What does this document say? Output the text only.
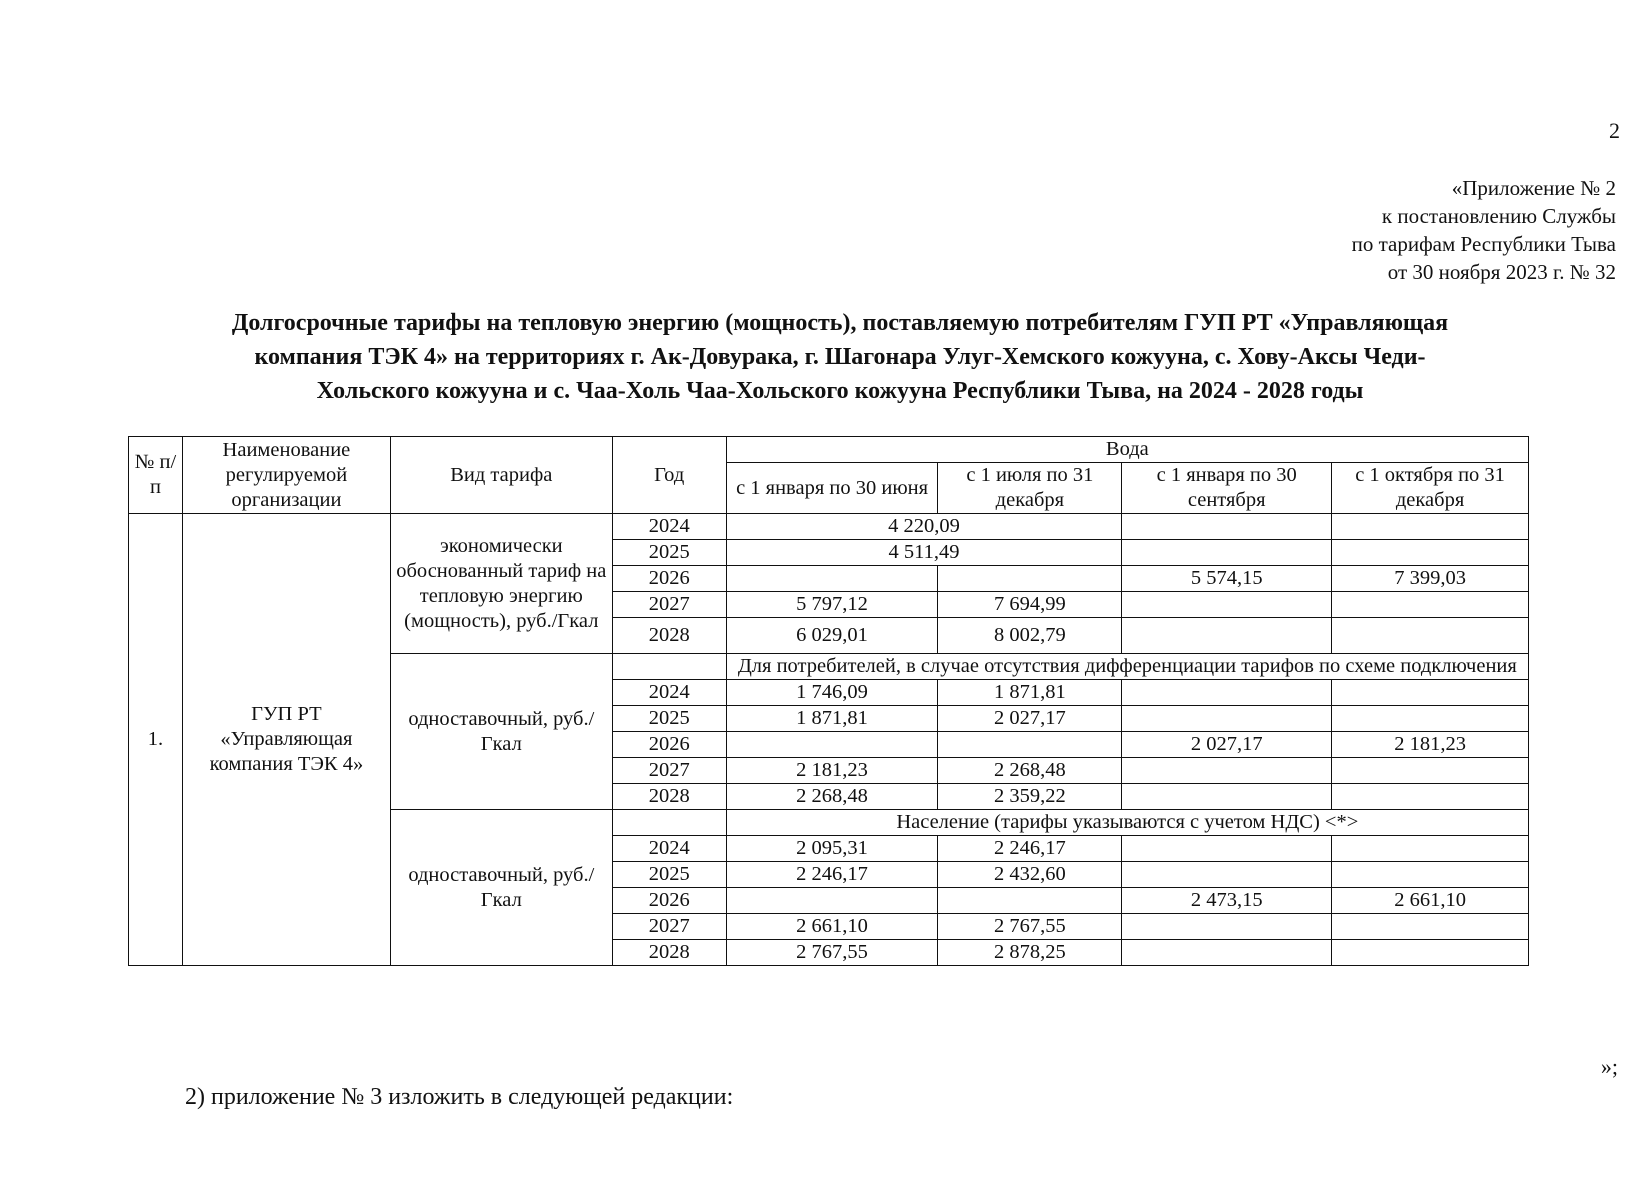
2
«Приложение № 2
к постановлению Службы
по тарифам Республики Тыва
от 30 ноября 2023 г. № 32
Долгосрочные тарифы на тепловую энергию (мощность), поставляемую потребителям ГУП РТ «Управляющая
компания ТЭК 4» на территориях г. Ак-Довурака, г. Шагонара Улуг-Хемского кожууна, с. Хову-Аксы Чеди-
Хольского кожууна и с. Чаа-Холь Чаа-Хольского кожууна Республики Тыва, на 2024 - 2028 годы
№ п/п	Наименование регулируемой организации	Вид тарифа	Год	Вода			
				с 1 января по 30 июня	с 1 июля по 31 декабря	с 1 января по 30 сентября	с 1 октября по 31 декабря
1.	ГУП РТ «Управляющая компания ТЭК 4»	экономически обоснованный тариф на тепловую энергию (мощность), руб./Гкал	2024	4 220,09			
			2025	4 511,49			
			2026			5 574,15	7 399,03
			2027	5 797,12	7 694,99		
			2028	6 029,01	8 002,79		
		одноставочный, руб./Гкал		Для потребителей, в случае отсутствия дифференциации тарифов по схеме подключения			
			2024	1 746,09	1 871,81		
			2025	1 871,81	2 027,17		
			2026			2 027,17	2 181,23
			2027	2 181,23	2 268,48		
			2028	2 268,48	2 359,22		
		одноставочный, руб./Гкал		Население (тарифы указываются с учетом НДС) <*>			
			2024	2 095,31	2 246,17		
			2025	2 246,17	2 432,60		
			2026			2 473,15	2 661,10
			2027	2 661,10	2 767,55		
			2028	2 767,55	2 878,25		
»;
2) приложение № 3 изложить в следующей редакции:
